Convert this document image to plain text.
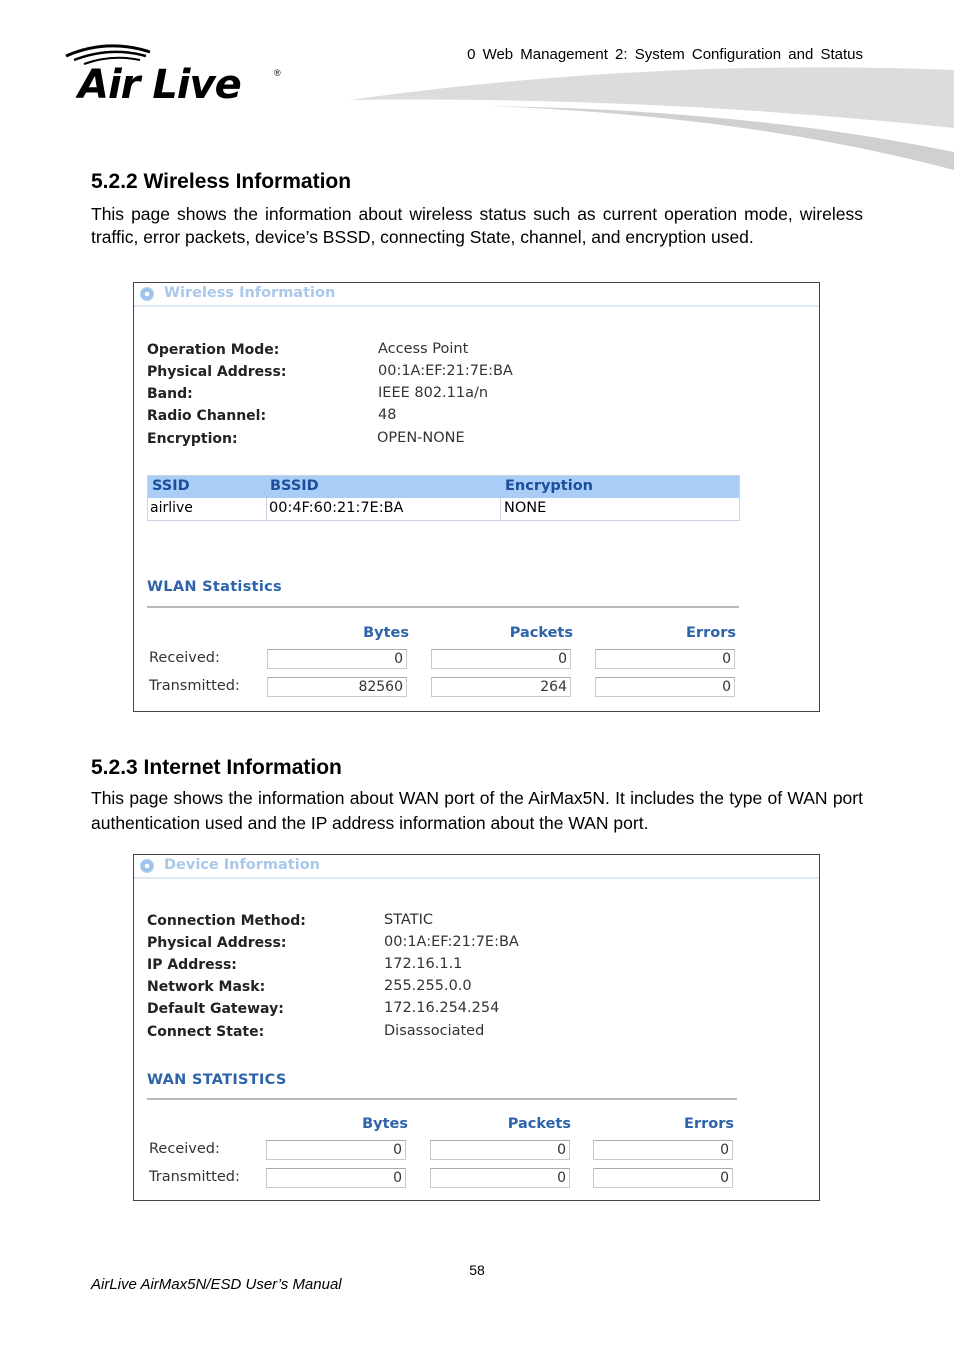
Air Live	®
0 Web Management 2: System Configuration and Status
5.2.2 Wireless Information

This page shows the information about wireless status such as current operation mode, wireless traffic, error packets, device’s BSSD, connecting State, channel, and encryption used.

Wireless Information
Operation Mode:	Access Point
Physical Address:	00:1A:EF:21:7E:BA
Band:	IEEE 802.11a/n
Radio Channel:	48
Encryption:	OPEN-NONE
SSID	BSSID	Encryption
airlive	00:4F:60:21:7E:BA	NONE
WLAN Statistics
Bytes	Packets	Errors
Received:	0	0	0
Transmitted:	82560	264	0
5.2.3 Internet Information

This page shows the information about WAN port of the AirMax5N. It includes the type of WAN port authentication used and the IP address information about the WAN port.

Device Information
Connection Method:	STATIC
Physical Address:	00:1A:EF:21:7E:BA
IP Address:	172.16.1.1
Network Mask:	255.255.0.0
Default Gateway:	172.16.254.254
Connect State:	Disassociated
WAN STATISTICS
Bytes	Packets	Errors
Received:	0	0	0
Transmitted:	0	0	0
58
AirLive AirMax5N/ESD User’s Manual
